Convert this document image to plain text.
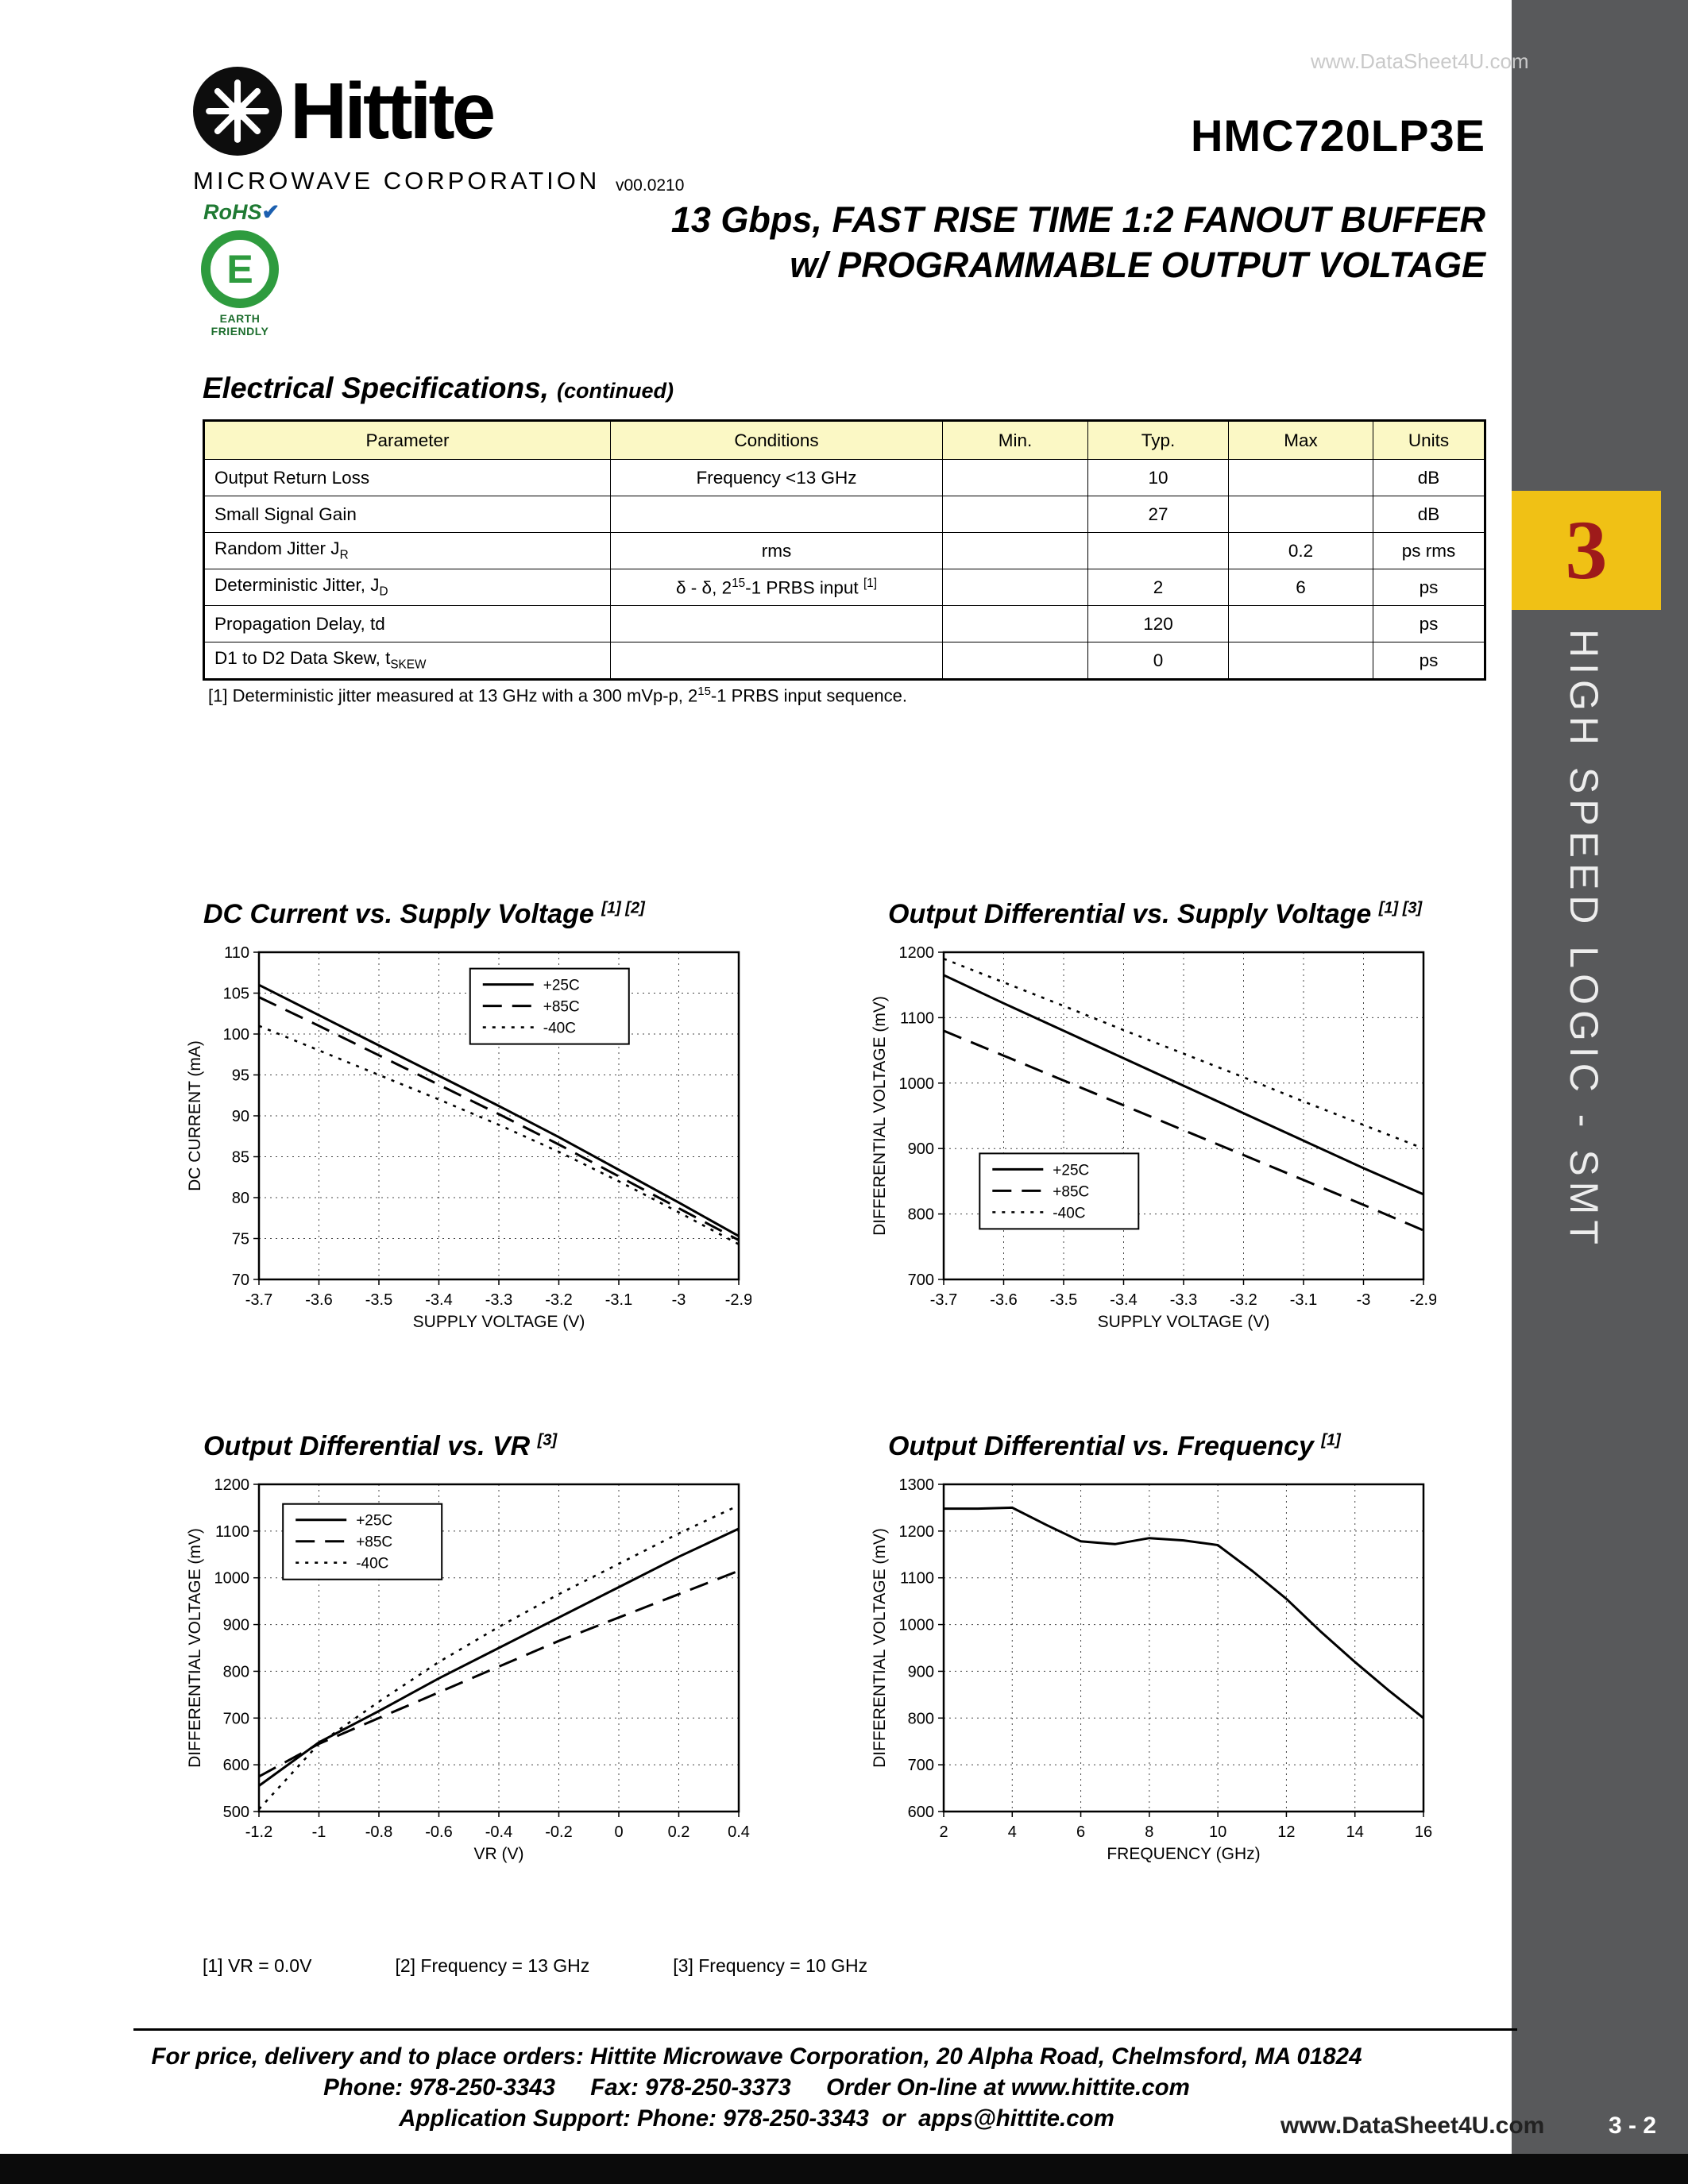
3
HIGH SPEED LOGIC - SMT
3 - 2
Hittite
MICROWAVE CORPORATION v00.0210
www.DataSheet4U.com
HMC720LP3E
13 Gbps, FAST RISE TIME 1:2 FANOUT BUFFER
w/ PROGRAMMABLE OUTPUT VOLTAGE
RoHS✔
E
EARTH FRIENDLY
Electrical Specifications, (continued)
Parameter	Conditions	Min.	Typ.	Max	Units
Output Return Loss	Frequency <13 GHz		10		dB
Small Signal Gain			27		dB
Random Jitter $J_R$	rms			0.2	ps rms
Deterministic Jitter, $J_D$	δ - δ, $2^{15}-1$ PRBS input [1]		2	6	ps
Propagation Delay, td			120		ps
D1 to D2 Data Skew, $t_{SKEW}$			0		ps
[1] Deterministic jitter measured at 13 GHz with a 300 mVp-p, $2^{15}-1$ PRBS input sequence.
DC Current vs. Supply Voltage [1] [2]
-3.7 -3.6 -3.5 -3.4 -3.3 -3.2 -3.1 -3 -2.9
70
75
80
85
90
95
100
105
110
+25C
+85C
-40C
SUPPLY VOLTAGE (V)
DC CURRENT (mA)
Output Differential vs. Supply Voltage [1] [3]
-3.7 -3.6 -3.5 -3.4 -3.3 -3.2 -3.1 -3 -2.9
700
800
900
1000
1100
1200
+25C
+85C
-40C
SUPPLY VOLTAGE (V)
DIFFERENTIAL VOLTAGE (mV)
Output Differential vs. VR [3]
-1.2 -1 -0.8 -0.6 -0.4 -0.2	0	0.2 0.4
500
600
700
800
900
1000
1100
1200
+25C
+85C
-40C
VR (V)
DIFFERENTIAL VOLTAGE (mV)
Output Differential vs. Frequency [1]
2	4	6	8	10	12	14	16
600
700
800
900
1000
1100
1200
1300
FREQUENCY (GHz)
DIFFERENTIAL VOLTAGE (mV)
[1] VR = 0.0V	[2] Frequency = 13 GHz	[3] Frequency = 10 GHz
For price, delivery and to place orders: Hittite Microwave Corporation, 20 Alpha Road, Chelmsford, MA 01824
Phone: 978-250-3343  Fax: 978-250-3373  Order On-line at www.hittite.com
Application Support: Phone: 978-250-3343  or  apps@hittite.com	www.DataSheet4U.com
